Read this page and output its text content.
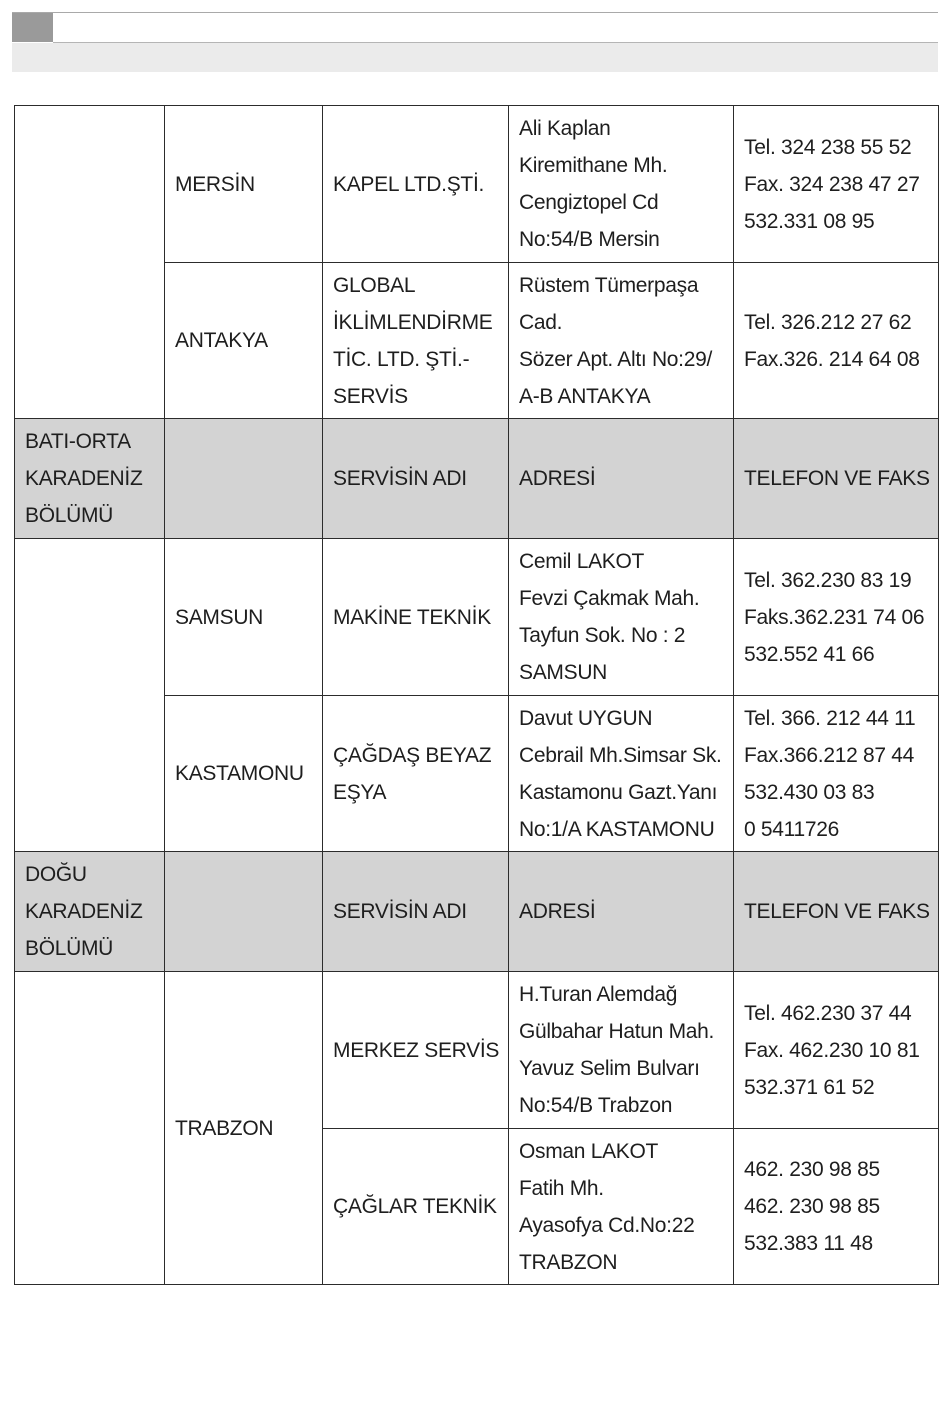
	MERSİN	KAPEL LTD.ŞTİ.	Ali Kaplan
Kiremithane Mh.
Cengiztopel Cd
No:54/B Mersin	Tel. 324 238 55 52
Fax. 324 238 47 27
532.331 08 95

	ANTAKYA	GLOBAL
İKLİMLENDİRME
TİC. LTD. ŞTİ.-
SERVİS	Rüstem Tümerpaşa
Cad.
Sözer Apt. Altı No:29/
A-B ANTAKYA	Tel. 326.212 27 62
Fax.326. 214 64 08

BATI-ORTA
KARADENİZ
BÖLÜMÜ		SERVİSİN ADI	ADRESİ	TELEFON VE FAKS
	SAMSUN	MAKİNE TEKNİK	Cemil LAKOT
Fevzi Çakmak Mah.
Tayfun Sok. No : 2
SAMSUN	Tel. 362.230 83 19
Faks.362.231 74 06
532.552 41 66

	KASTAMONU	ÇAĞDAŞ BEYAZ
EŞYA	Davut UYGUN
Cebrail Mh.Simsar Sk.
Kastamonu Gazt.Yanı
No:1/A KASTAMONU	Tel. 366. 212 44 11
Fax.366.212 87 44
532.430 03 83
0 5411726

DOĞU
KARADENİZ
BÖLÜMÜ		SERVİSİN ADI	ADRESİ	TELEFON VE FAKS
	TRABZON	MERKEZ SERVİS	H.Turan Alemdağ
Gülbahar Hatun Mah.
Yavuz Selim Bulvarı
No:54/B Trabzon	Tel. 462.230 37 44
Fax. 462.230 10 81
532.371 61 52

		ÇAĞLAR TEKNİK	Osman LAKOT
Fatih Mh.
Ayasofya Cd.No:22
TRABZON	462. 230 98 85
462. 230 98 85
532.383 11 48
